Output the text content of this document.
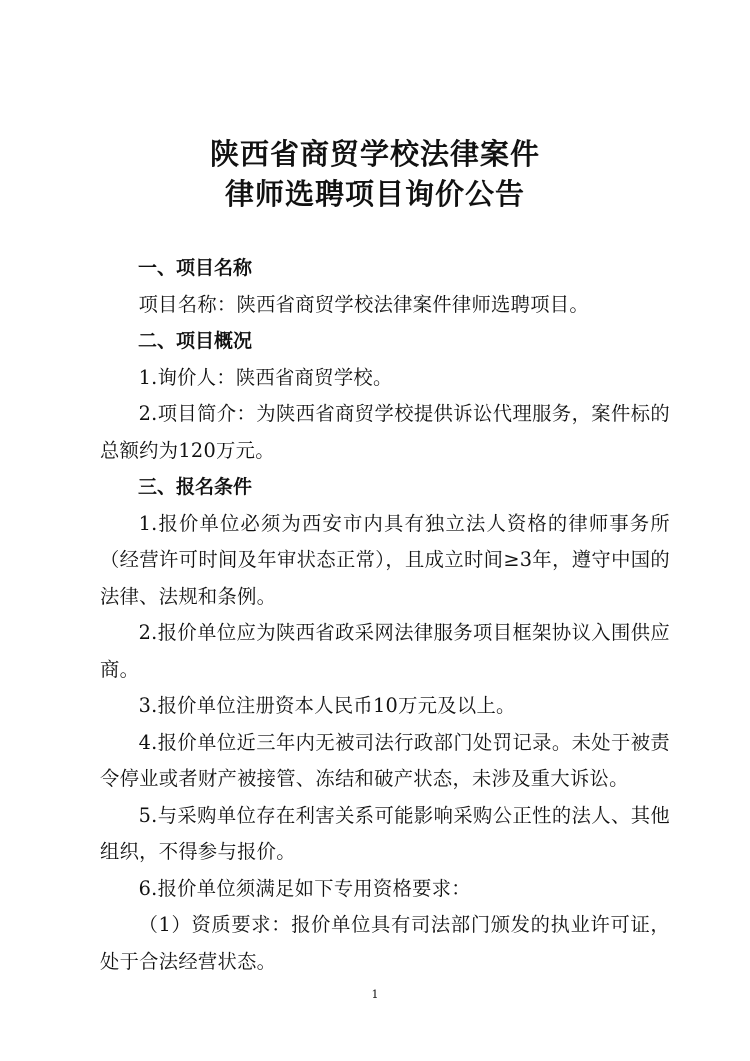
陕西省商贸学校法律案件
律师选聘项目询价公告

一、项目名称

项目名称：陕西省商贸学校法律案件律师选聘项目。

二、项目概况

1.询价人：陕西省商贸学校。

2.项目简介：为陕西省商贸学校提供诉讼代理服务，案件标的总额约为120万元。

三、报名条件

1.报价单位必须为西安市内具有独立法人资格的律师事务所（经营许可时间及年审状态正常），且成立时间≥3年，遵守中国的法律、法规和条例。

2.报价单位应为陕西省政采网法律服务项目框架协议入围供应商。

3.报价单位注册资本人民币10万元及以上。

4.报价单位近三年内无被司法行政部门处罚记录。未处于被责令停业或者财产被接管、冻结和破产状态，未涉及重大诉讼。

5.与采购单位存在利害关系可能影响采购公正性的法人、其他组织，不得参与报价。

6.报价单位须满足如下专用资格要求：

（1）资质要求：报价单位具有司法部门颁发的执业许可证，处于合法经营状态。

1
